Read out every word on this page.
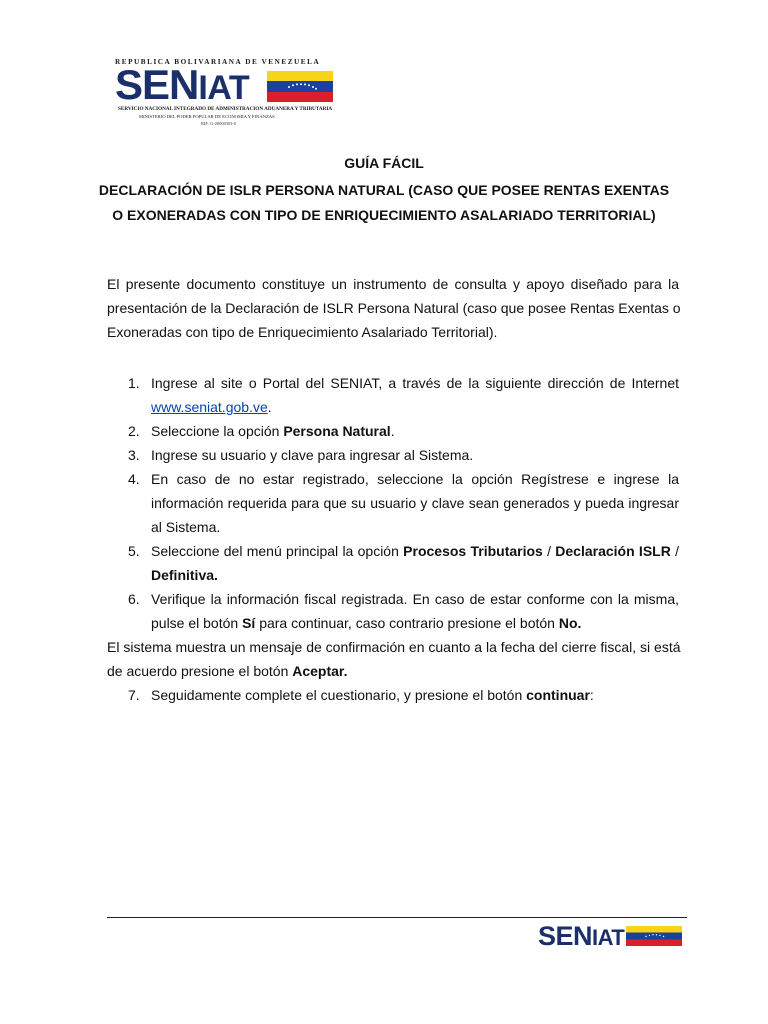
REPUBLICA BOLIVARIANA DE VENEZUELA
SENIAT
SERVICIO NACIONAL INTEGRADO DE ADMINISTRACION ADUANERA Y TRIBUTARIA
MINISTERIO DEL PODER POPULAR DE ECONOMIA Y FINANZAS
RIF: G-20000303-0
GUÍA FÁCIL
DECLARACIÓN DE ISLR PERSONA NATURAL (CASO QUE POSEE RENTAS EXENTAS
O EXONERADAS CON TIPO DE ENRIQUECIMIENTO ASALARIADO TERRITORIAL)
El presente documento constituye un instrumento de consulta y apoyo diseñado para la
presentación de la Declaración de ISLR Persona Natural (caso que posee Rentas Exentas o
Exoneradas con tipo de Enriquecimiento Asalariado Territorial).
1. Ingrese al site o Portal del SENIAT, a través de la siguiente dirección de Internet
www.seniat.gob.ve.
2. Seleccione la opción Persona Natural.
3. Ingrese su usuario y clave para ingresar al Sistema.
4. En caso de no estar registrado, seleccione la opción Regístrese e ingrese la
información requerida para que su usuario y clave sean generados y pueda ingresar
al Sistema.
5. Seleccione del menú principal la opción Procesos Tributarios / Declaración ISLR /
Definitiva.
6. Verifique la información fiscal registrada. En caso de estar conforme con la misma,
pulse el botón Sí para continuar, caso contrario presione el botón No.
El sistema muestra un mensaje de confirmación en cuanto a la fecha del cierre fiscal, si está
de acuerdo presione el botón Aceptar.
7. Seguidamente complete el cuestionario, y presione el botón continuar:
SENIAT
